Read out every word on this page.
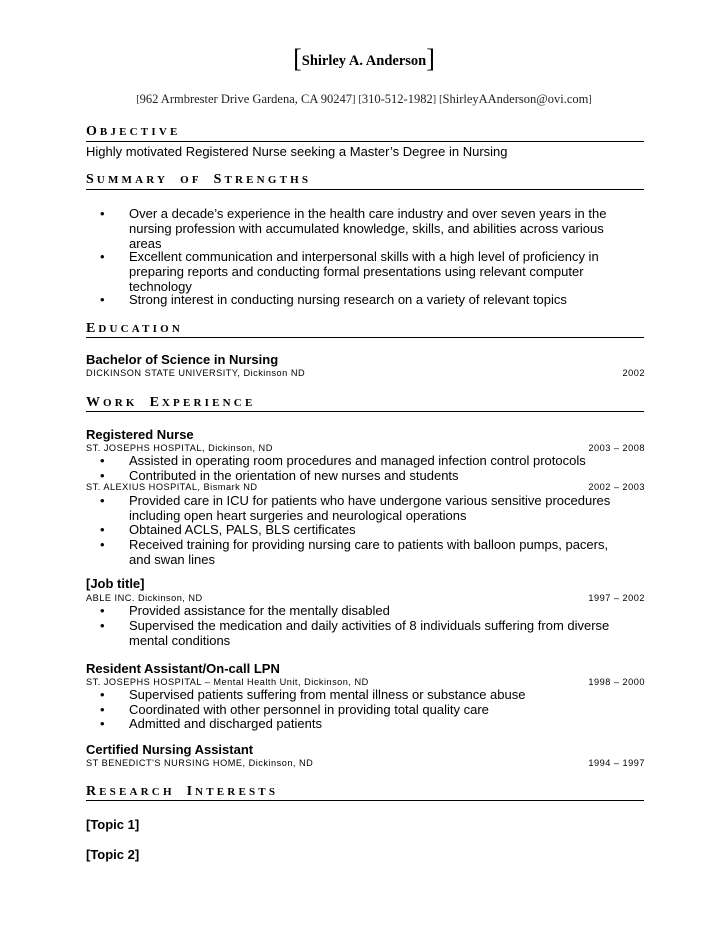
[Shirley A. Anderson]
[962 Armbrester Drive Gardena, CA 90247] [310-512-1982] [ShirleyAAnderson@ovi.com]
OBJECTIVE
Highly motivated Registered Nurse seeking a Master’s Degree in Nursing
SUMMARY OF STRENGTHS
•	Over a decade’s experience in the health care industry and over seven years in the
nursing profession with accumulated knowledge, skills, and abilities across various
areas
•	Excellent communication and interpersonal skills with a high level of proficiency in
preparing reports and conducting formal presentations using relevant computer
technology
•	Strong interest in conducting nursing research on a variety of relevant topics
EDUCATION
Bachelor of Science in Nursing
DICKINSON STATE UNIVERSITY, Dickinson ND	2002
WORK EXPERIENCE
Registered Nurse
ST. JOSEPHS HOSPITAL, Dickinson, ND	2003 – 2008
•	Assisted in operating room procedures and managed infection control protocols
•	Contributed in the orientation of new nurses and students
ST. ALEXIUS HOSPITAL, Bismark ND	2002 – 2003
•	Provided care in ICU for patients who have undergone various sensitive procedures
including open heart surgeries and neurological operations
•	Obtained ACLS, PALS, BLS certificates
•	Received training for providing nursing care to patients with balloon pumps, pacers,
and swan lines
[Job title]
ABLE INC. Dickinson, ND	1997 – 2002
•	Provided assistance for the mentally disabled
•	Supervised the medication and daily activities of 8 individuals suffering from diverse
mental conditions
Resident Assistant/On-call LPN
ST. JOSEPHS HOSPITAL – Mental Health Unit, Dickinson, ND	1998 – 2000
•	Supervised patients suffering from mental illness or substance abuse
•	Coordinated with other personnel in providing total quality care
•	Admitted and discharged patients
Certified Nursing Assistant
ST BENEDICT'S NURSING HOME, Dickinson, ND	1994 – 1997
RESEARCH INTERESTS
[Topic 1]
[Topic 2]
